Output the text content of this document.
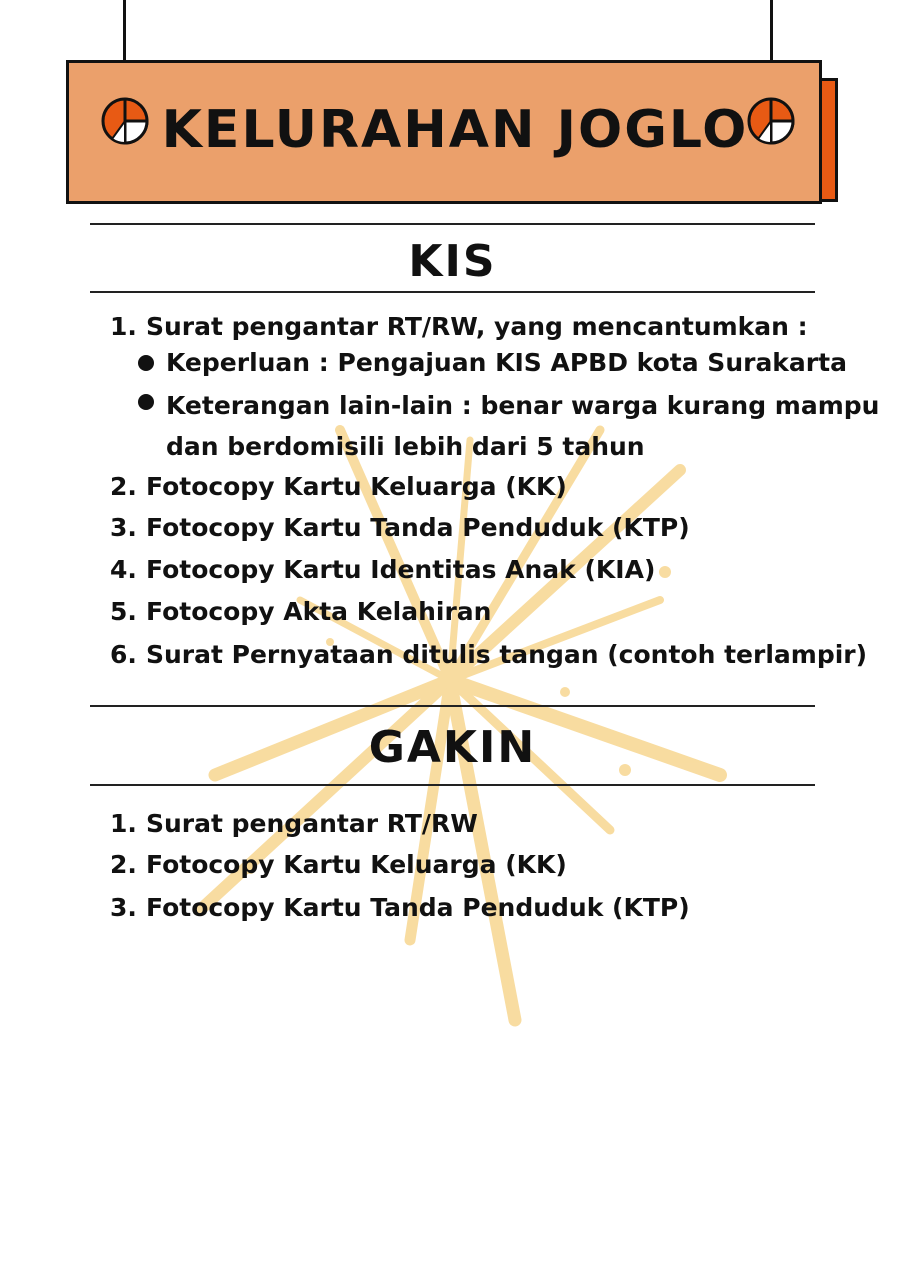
KELURAHAN JOGLO
KIS
1. Surat pengantar RT/RW, yang mencantumkan :
Keperluan : Pengajuan KIS APBD kota Surakarta
Keterangan lain-lain : benar warga kurang mampu
dan berdomisili lebih dari 5 tahun
2. Fotocopy Kartu Keluarga (KK)
3. Fotocopy Kartu Tanda Penduduk (KTP)
4. Fotocopy Kartu Identitas Anak (KIA)
5. Fotocopy Akta Kelahiran
6. Surat Pernyataan ditulis tangan (contoh terlampir)
GAKIN
1. Surat pengantar RT/RW
2. Fotocopy Kartu Keluarga (KK)
3. Fotocopy Kartu Tanda Penduduk (KTP)
